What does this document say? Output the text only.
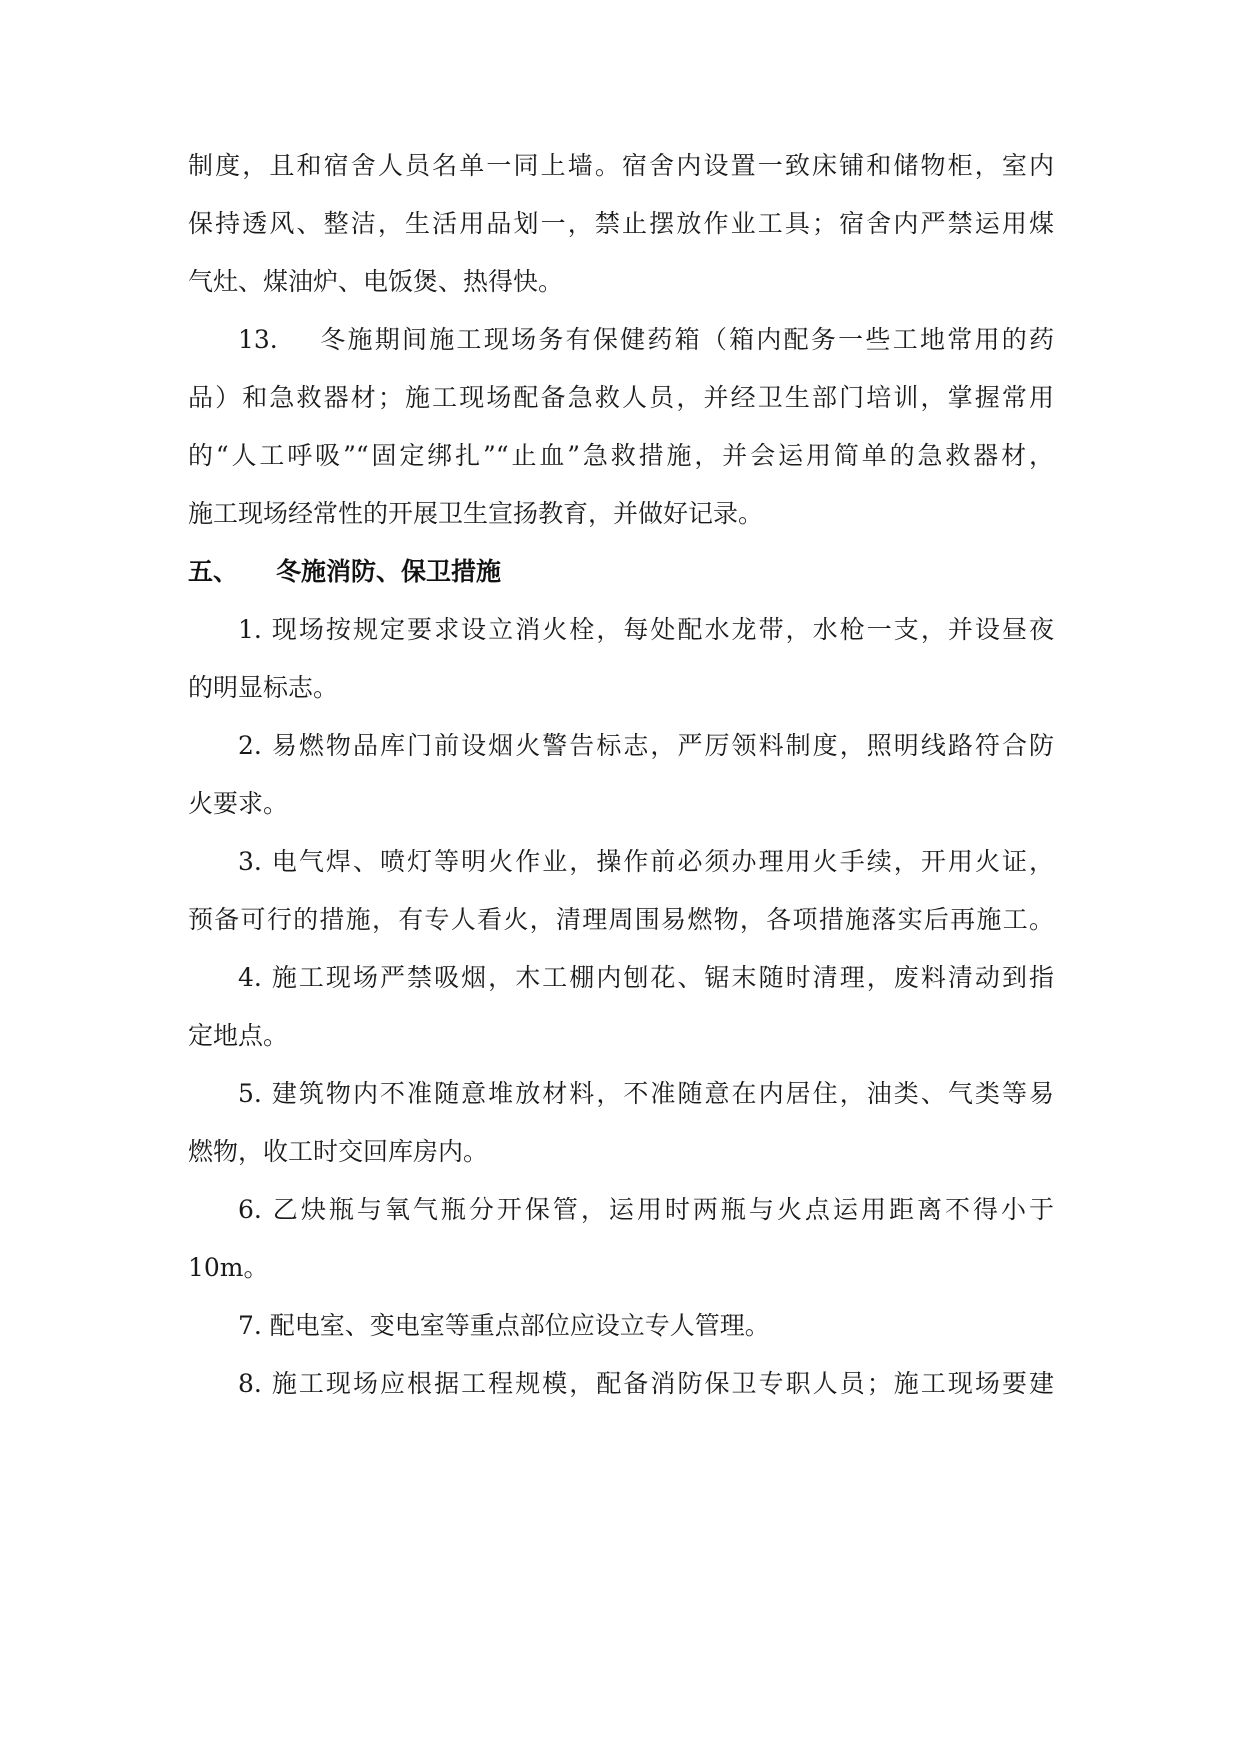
制度，且和宿舍人员名单一同上墙。宿舍内设置一致床铺和储物柜，室内
保持透风、整洁，生活用品划一，禁止摆放作业工具；宿舍内严禁运用煤
气灶、煤油炉、电饭煲、热得快。
13. 冬施期间施工现场务有保健药箱（箱内配务一些工地常用的药
品）和急救器材；施工现场配备急救人员，并经卫生部门培训，掌握常用
的“人工呼吸”“固定绑扎”“止血”急救措施，并会运用简单的急救器材，
施工现场经常性的开展卫生宣扬教育，并做好记录。
五、 冬施消防、保卫措施
1. 现场按规定要求设立消火栓，每处配水龙带，水枪一支，并设昼夜
的明显标志。
2. 易燃物品库门前设烟火警告标志，严厉领料制度，照明线路符合防
火要求。
3. 电气焊、喷灯等明火作业，操作前必须办理用火手续，开用火证，
预备可行的措施，有专人看火，清理周围易燃物，各项措施落实后再施工。
4. 施工现场严禁吸烟，木工棚内刨花、锯末随时清理，废料清动到指
定地点。
5. 建筑物内不准随意堆放材料，不准随意在内居住，油类、气类等易
燃物，收工时交回库房内。
6. 乙炔瓶与氧气瓶分开保管，运用时两瓶与火点运用距离不得小于
10m。
7. 配电室、变电室等重点部位应设立专人管理。
8. 施工现场应根据工程规模，配备消防保卫专职人员；施工现场要建
